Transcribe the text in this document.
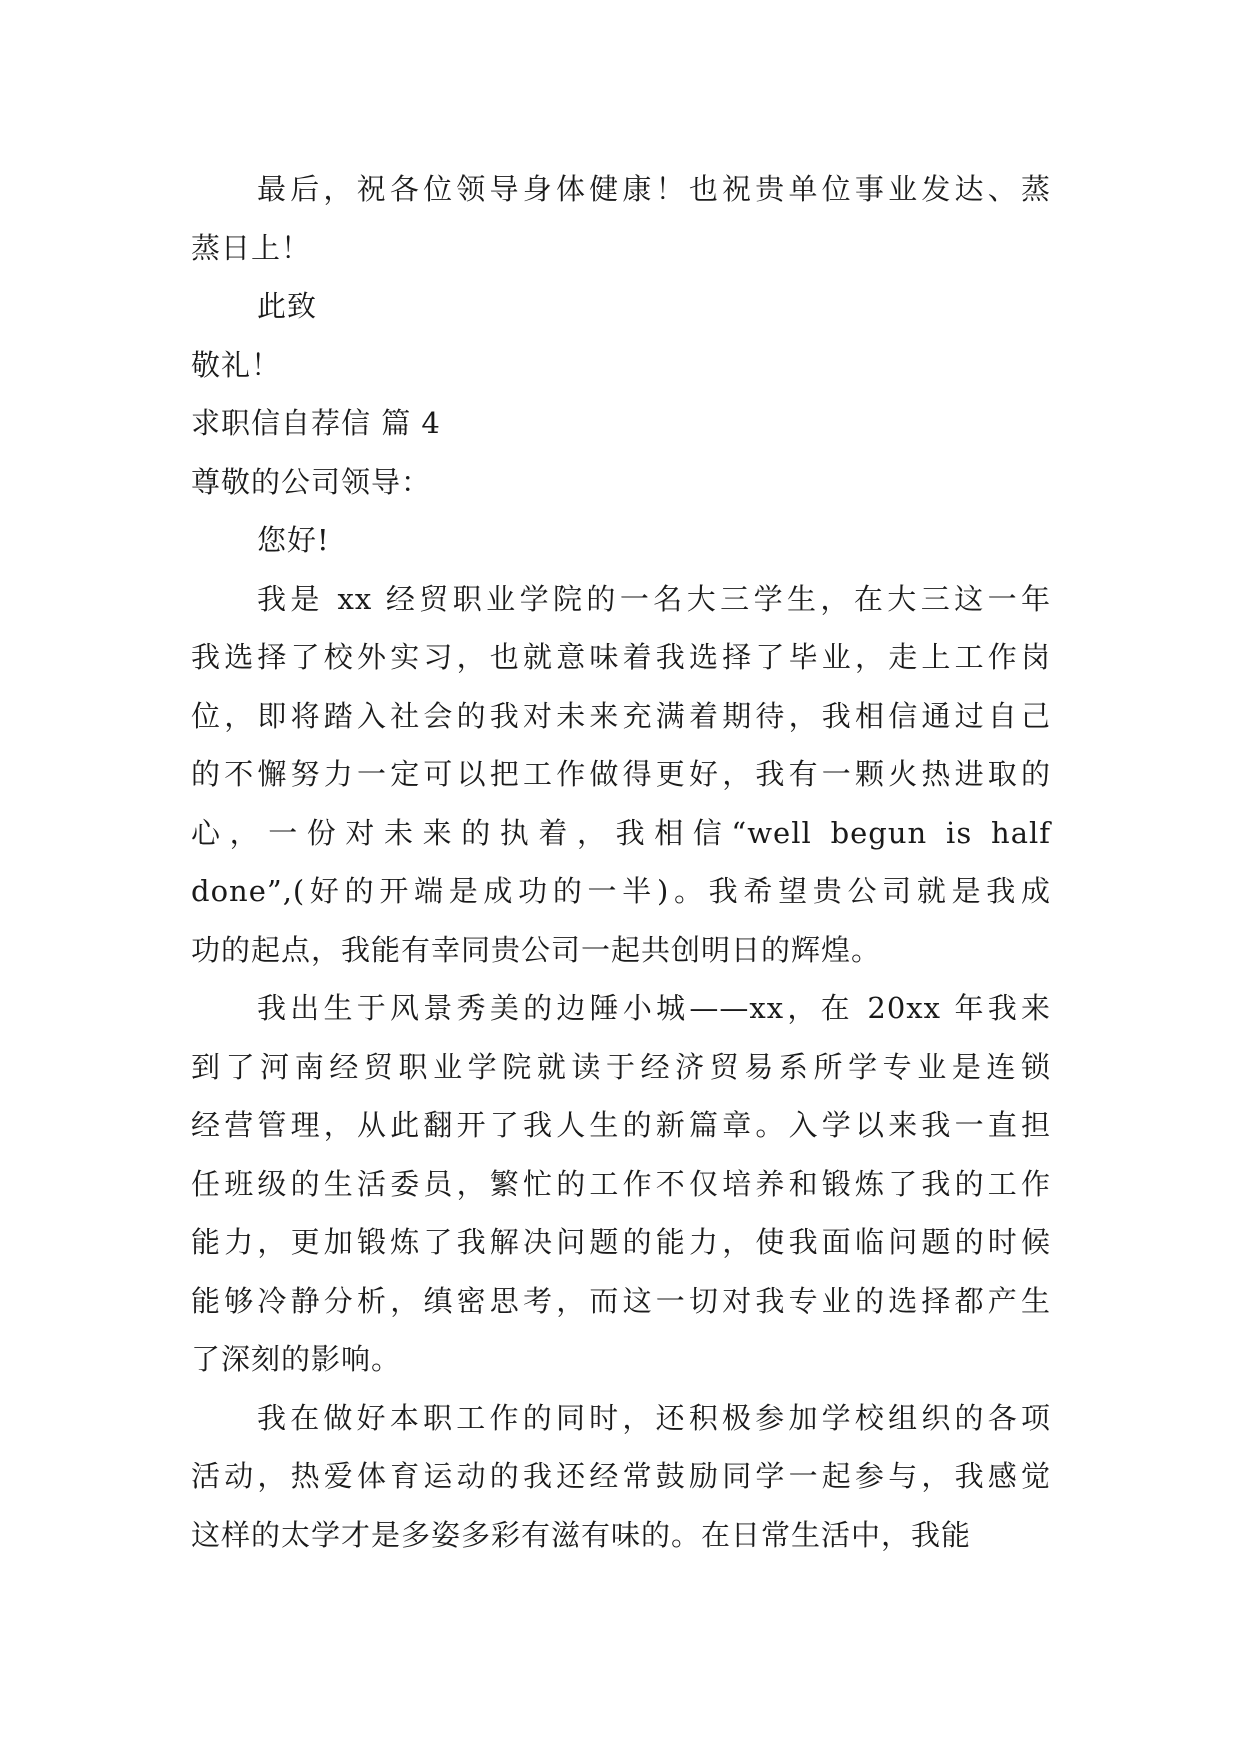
最后，祝各位领导身体健康！也祝贵单位事业发达、蒸
蒸日上！
此致
敬礼！
求职信自荐信 篇 4
尊敬的公司领导：
您好!
我是 xx 经贸职业学院的一名大三学生，在大三这一年
我选择了校外实习，也就意味着我选择了毕业，走上工作岗
位，即将踏入社会的我对未来充满着期待，我相信通过自己
的不懈努力一定可以把工作做得更好，我有一颗火热进取的
心，一份对未来的执着，我相信“well begun is half
done”,(好的开端是成功的一半)。我希望贵公司就是我成
功的起点，我能有幸同贵公司一起共创明日的辉煌。
我出生于风景秀美的边陲小城——xx，在 20xx 年我来
到了河南经贸职业学院就读于经济贸易系所学专业是连锁
经营管理，从此翻开了我人生的新篇章。入学以来我一直担
任班级的生活委员，繁忙的工作不仅培养和锻炼了我的工作
能力，更加锻炼了我解决问题的能力，使我面临问题的时候
能够冷静分析，缜密思考，而这一切对我专业的选择都产生
了深刻的影响。
我在做好本职工作的同时，还积极参加学校组织的各项
活动，热爱体育运动的我还经常鼓励同学一起参与，我感觉
这样的太学才是多姿多彩有滋有味的。在日常生活中，我能
